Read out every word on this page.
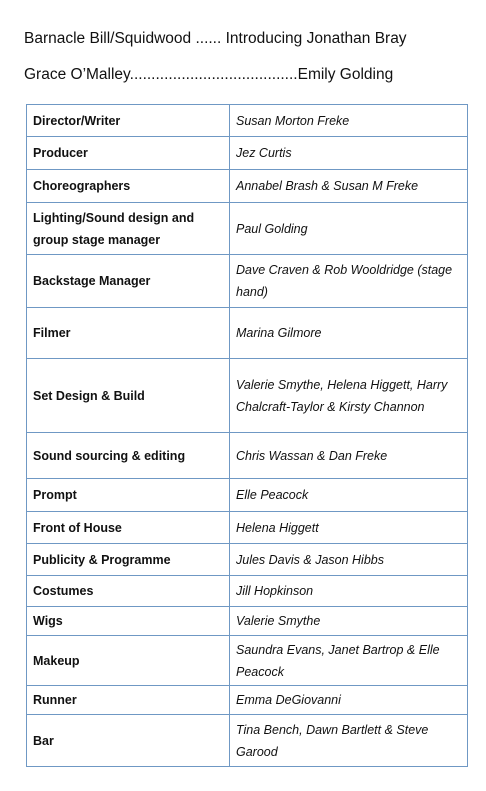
Barnacle Bill/Squidwood ...... Introducing Jonathan Bray
Grace O’Malley.......................................Emily Golding
Director/Writer	Susan Morton Freke
Producer	Jez Curtis
Choreographers	Annabel Brash & Susan M Freke
Lighting/Sound design and group stage manager	Paul Golding
Backstage Manager	Dave Craven & Rob Wooldridge (stage hand)
Filmer	Marina Gilmore
Set Design & Build	Valerie Smythe, Helena Higgett, Harry Chalcraft-Taylor & Kirsty Channon
Sound sourcing & editing	Chris Wassan & Dan Freke
Prompt	Elle Peacock
Front of House	Helena Higgett
Publicity & Programme	Jules Davis & Jason Hibbs
Costumes	Jill Hopkinson
Wigs	Valerie Smythe
Makeup	Saundra Evans, Janet Bartrop & Elle Peacock
Runner	Emma DeGiovanni
Bar	Tina Bench, Dawn Bartlett & Steve Garood
